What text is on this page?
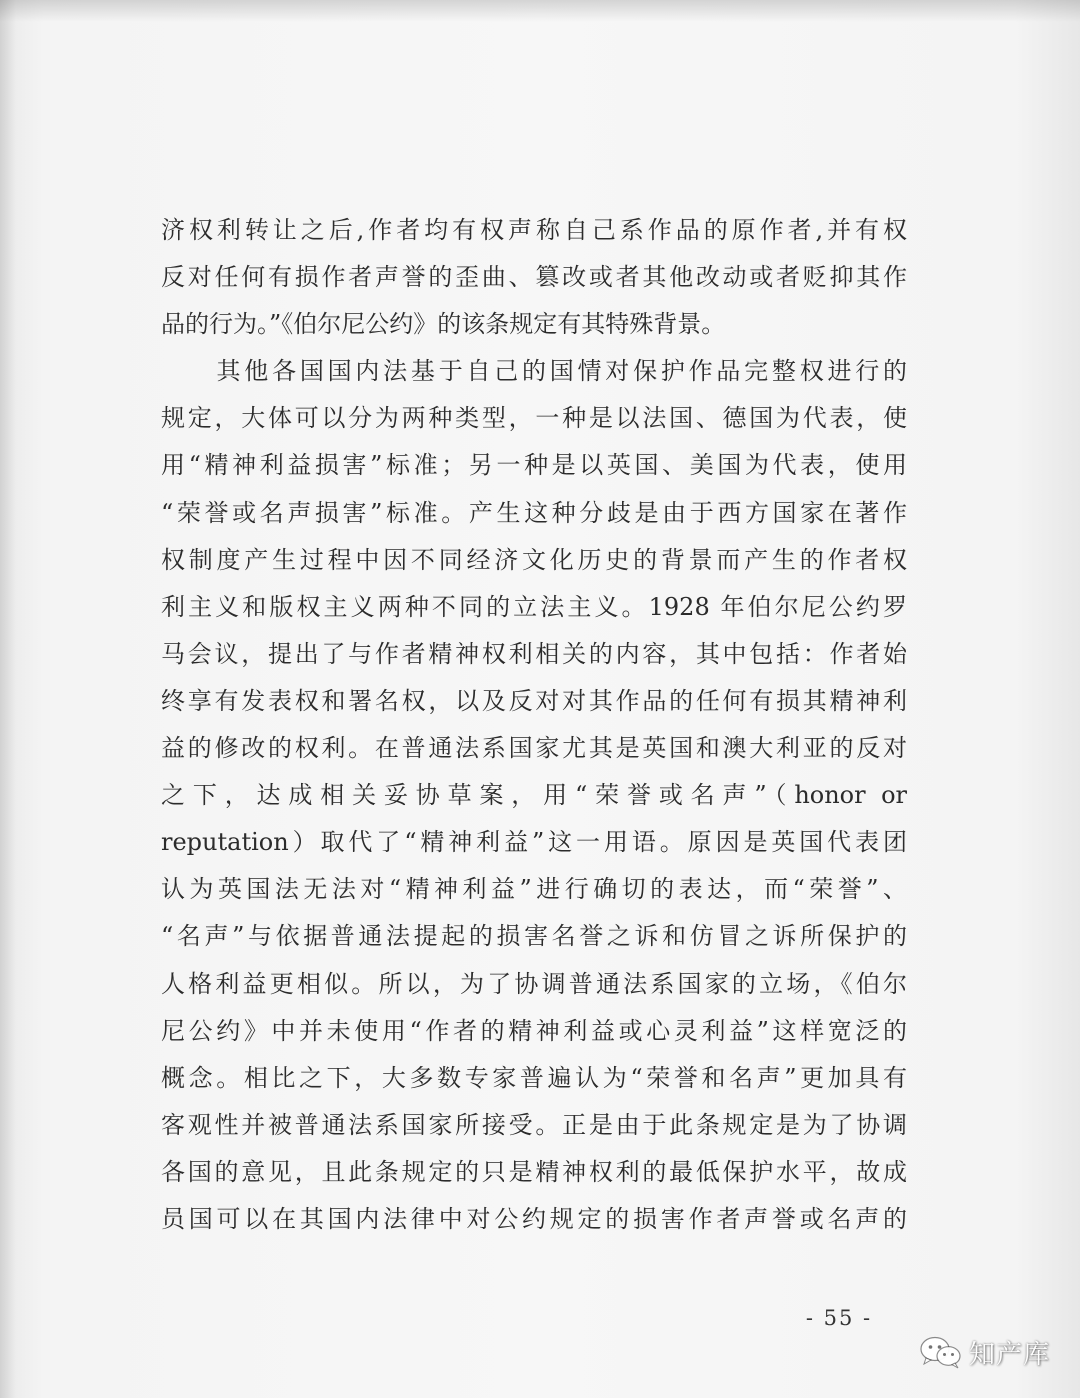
济权利转让之后,作者均有权声称自己系作品的原作者,并有权
反对任何有损作者声誉的歪曲、篡改或者其他改动或者贬抑其作
品的行为。”《伯尔尼公约》的该条规定有其特殊背景。
　　其他各国国内法基于自己的国情对保护作品完整权进行的
规定，大体可以分为两种类型，一种是以法国、德国为代表，使
用“精神利益损害”标准；另一种是以英国、美国为代表，使用
“荣誉或名声损害”标准。产生这种分歧是由于西方国家在著作
权制度产生过程中因不同经济文化历史的背景而产生的作者权
利主义和版权主义两种不同的立法主义。1928 年伯尔尼公约罗
马会议，提出了与作者精神权利相关的内容，其中包括：作者始
终享有发表权和署名权，以及反对对其作品的任何有损其精神利
益的修改的权利。在普通法系国家尤其是英国和澳大利亚的反对
之下，达成相关妥协草案，用“荣誉或名声”（honor or
reputation）取代了“精神利益”这一用语。原因是英国代表团
认为英国法无法对“精神利益”进行确切的表达，而“荣誉”、
“名声”与依据普通法提起的损害名誉之诉和仿冒之诉所保护的
人格利益更相似。所以，为了协调普通法系国家的立场，《伯尔
尼公约》中并未使用“作者的精神利益或心灵利益”这样宽泛的
概念。相比之下，大多数专家普遍认为“荣誉和名声”更加具有
客观性并被普通法系国家所接受。正是由于此条规定是为了协调
各国的意见，且此条规定的只是精神权利的最低保护水平，故成
员国可以在其国内法律中对公约规定的损害作者声誉或名声的
- 55 -
知产库
